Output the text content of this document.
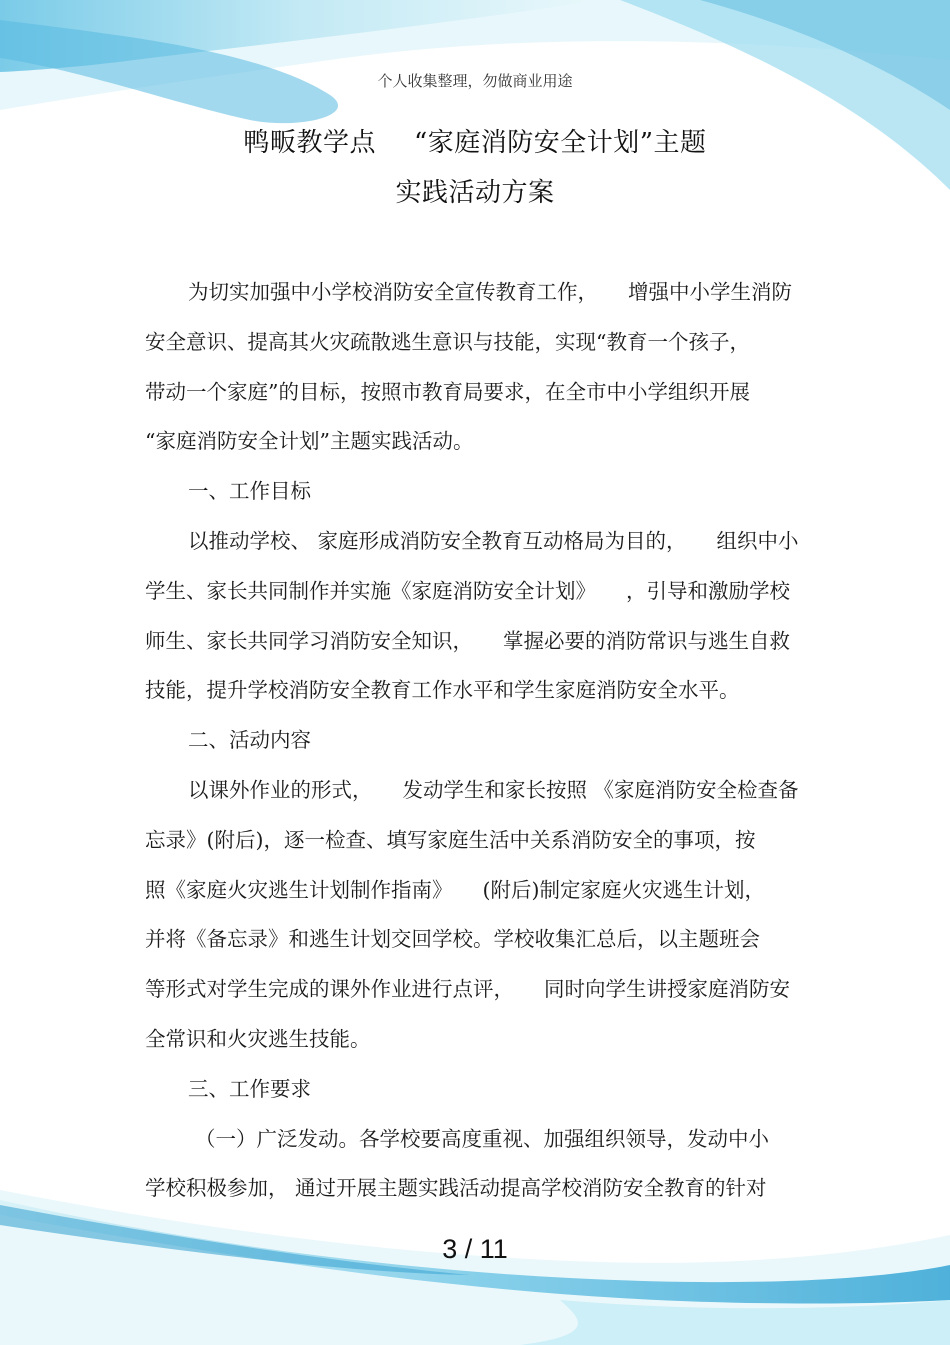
个人收集整理，勿做商业用途
鸭畈教学点 “家庭消防安全计划”主题
实践活动方案
为切实加强中小学校消防安全宣传教育工作， 增强中小学生消防
安全意识、提高其火灾疏散逃生意识与技能，实现“教育一个孩子，
带动一个家庭”的目标，按照市教育局要求，在全市中小学组织开展
“家庭消防安全计划”主题实践活动。
一、工作目标
以推动学校、 家庭形成消防安全教育互动格局为目的， 组织中小
学生、家长共同制作并实施《家庭消防安全计划》 ，引导和激励学校
师生、家长共同学习消防安全知识， 掌握必要的消防常识与逃生自救
技能，提升学校消防安全教育工作水平和学生家庭消防安全水平。
二、活动内容
以课外作业的形式， 发动学生和家长按照 《家庭消防安全检查备
忘录》(附后)，逐一检查、填写家庭生活中关系消防安全的事项，按
照《家庭火灾逃生计划制作指南》 (附后)制定家庭火灾逃生计划，
并将《备忘录》和逃生计划交回学校。学校收集汇总后，以主题班会
等形式对学生完成的课外作业进行点评， 同时向学生讲授家庭消防安
全常识和火灾逃生技能。
三、工作要求
（一）广泛发动。各学校要高度重视、加强组织领导，发动中小
学校积极参加， 通过开展主题实践活动提高学校消防安全教育的针对
3 / 11
